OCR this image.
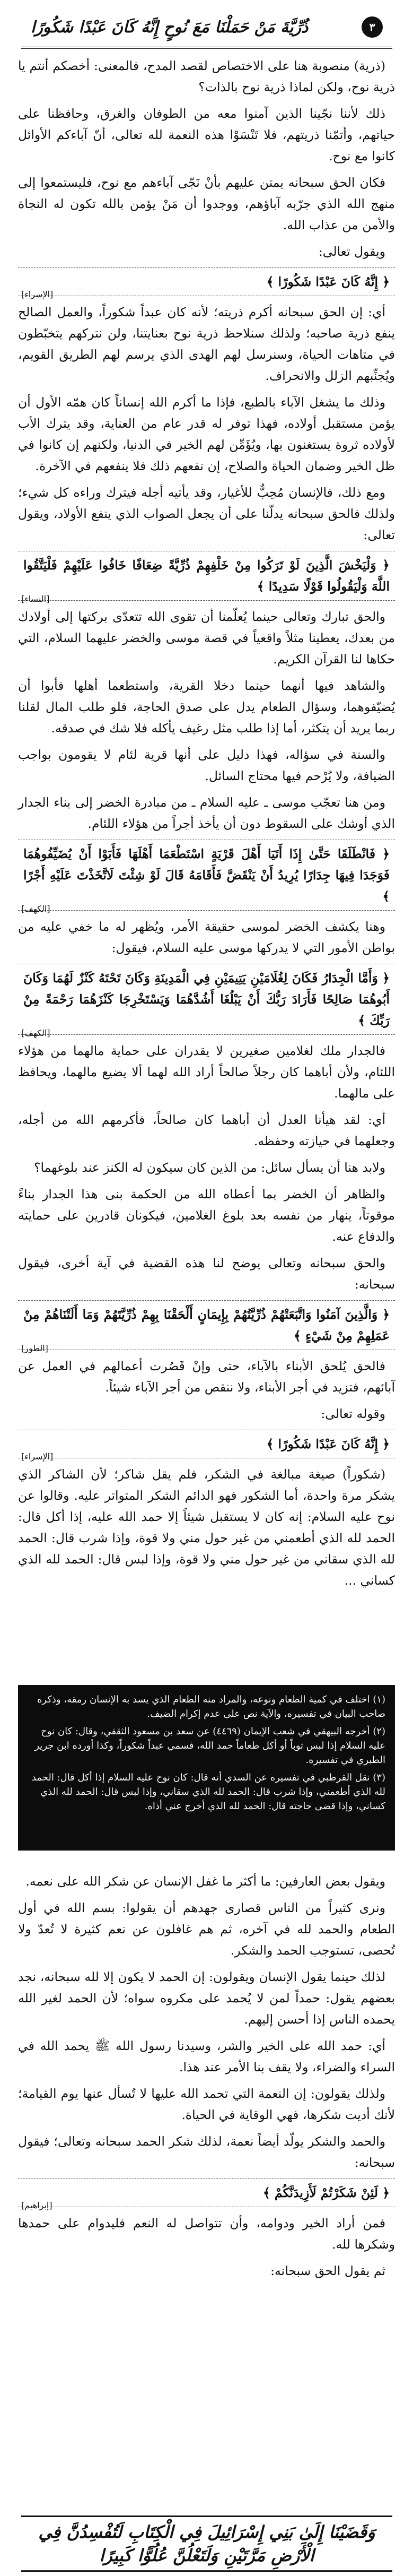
٣
ذُرِّيَّةَ مَنْ حَمَلْنَا مَعَ نُوحٍ إِنَّهُ كَانَ عَبْدًا شَكُورًا

(ذرية) منصوبة هنا على الاختصاص لقصد المدح، فالمعنى: أخصكم أنتم يا ذرية نوح، ولكن لماذا ذرية نوح بالذات؟

ذلك لأننا نجّينا الذين آمنوا معه من الطوفان والغرق، وحافظنا على حياتهم، وأتمّنا ذريتهم، فلا تَنْسَوْا هذه النعمة لله تعالى، أنّ آباءكم الأوائل كانوا مع نوح.

فكان الحق سبحانه يمتن عليهم بأنْ نَجّى آباءهم مع نوح، فليستمعوا إلى منهج الله الذي جرّبه آباؤهم، ووجدوا أن مَنْ يؤمن بالله تكون له النجاة والأمن من عذاب الله.

ويقول تعالى:

﴿ إِنَّهُ كَانَ عَبْدًا شَكُورًا ﴾
[الإسراء]

أي: إن الحق سبحانه أكرم ذريته؛ لأنه كان عبداً شكوراً، والعمل الصالح ينفع ذرية صاحبه؛ ولذلك سنلاحظ ذرية نوح بعنايتنا، ولن نتركهم يتخبّطون في متاهات الحياة، وسنرسل لهم الهدى الذي يرسم لهم الطريق القويم، ويُجنِّبهم الزلل والانحراف.

وذلك ما يشغل الآباء بالطبع، فإذا ما أكرم الله إنساناً كان همّه الأول أن يؤمن مستقبل أولاده، فهذا توفر له قدر عام من العناية، وقد يترك الأب لأولاده ثروة يستغنون بها، ويُؤَمِّن لهم الخير في الدنيا، ولكنهم إن كانوا في ظل الخير وضمان الحياة والصلاح، إن نفعهم ذلك فلا ينفعهم في الآخرة.

ومع ذلك، فالإنسان مُحِبٌّ للأغيار، وقد يأتيه أجله فيترك وراءه كل شيء؛ ولذلك فالحق سبحانه يدلّنا على أن يجعل الصواب الذي ينفع الأولاد، ويقول تعالى:

﴿ وَلْيَخْشَ الَّذِينَ لَوْ تَرَكُوا مِنْ خَلْفِهِمْ ذُرِّيَّةً ضِعَافًا خَافُوا عَلَيْهِمْ فَلْيَتَّقُوا اللَّهَ وَلْيَقُولُوا قَوْلًا سَدِيدًا ﴾
[النساء]

والحق تبارك وتعالى حينما يُعلّمنا أن تقوى الله تتعدّى بركتها إلى أولادك من بعدك، يعطينا مثلاً واقعياً في قصة موسى والخضر عليهما السلام، التي حكاها لنا القرآن الكريم.

والشاهد فيها أنهما حينما دخلا القرية، واستطعما أهلها فأبوا أن يُضيّفوهما، وسؤال الطعام يدل على صدق الحاجة، فلو طلب المال لقلنا ربما يريد أن يتكثر، أما إذا طلب مثل رغيف يأكله فلا شك في صدقه.

والسنة في سؤاله، فهذا دليل على أنها قرية لئام لا يقومون بواجب الضيافة، ولا يُرْحم فيها محتاج السائل.

ومن هنا تعجّب موسى ـ عليه السلام ـ من مبادرة الخضر إلى بناء الجدار الذي أوشك على السقوط دون أن يأخذ أجراً من هؤلاء اللئام.

﴿ فَانْطَلَقَا حَتَّىٰ إِذَا أَتَيَا أَهْلَ قَرْيَةٍ اسْتَطْعَمَا أَهْلَهَا فَأَبَوْا أَنْ يُضَيِّفُوهُمَا فَوَجَدَا فِيهَا جِدَارًا يُرِيدُ أَنْ يَنْقَضَّ فَأَقَامَهُ قَالَ لَوْ شِئْتَ لَاتَّخَذْتَ عَلَيْهِ أَجْرًا ﴾
[الكهف]

وهنا يكشف الخضر لموسى حقيقة الأمر، ويُظهر له ما خفي عليه من بواطن الأمور التي لا يدركها موسى عليه السلام، فيقول:

﴿ وَأَمَّا الْجِدَارُ فَكَانَ لِغُلَامَيْنِ يَتِيمَيْنِ فِي الْمَدِينَةِ وَكَانَ تَحْتَهُ كَنْزٌ لَهُمَا وَكَانَ أَبُوهُمَا صَالِحًا فَأَرَادَ رَبُّكَ أَنْ يَبْلُغَا أَشُدَّهُمَا وَيَسْتَخْرِجَا كَنْزَهُمَا رَحْمَةً مِنْ رَبِّكَ ﴾
[الكهف]

فالجدار ملك لغلامين صغيرين لا يقدران على حماية مالهما من هؤلاء اللئام، ولأن أباهما كان رجلاً صالحاً أراد الله لهما ألا يضيع مالهما، ويحافظ على مالهما.

أي: لقد هيأنا العدل أن أباهما كان صالحاً، فأكرمهم الله من أجله، وجعلهما في حيازته وحفظه.

ولابد هنا أن يسأل سائل: من الذين كان سيكون له الكنز عند بلوغهما؟

والظاهر أن الخضر بما أعطاه الله من الحكمة بنى هذا الجدار بناءً موقوتاً، ينهار من نفسه بعد بلوغ الغلامين، فيكونان قادرين على حمايته والدفاع عنه.

والحق سبحانه وتعالى يوضح لنا هذه القضية في آية أخرى، فيقول سبحانه:

﴿ وَالَّذِينَ آمَنُوا وَاتَّبَعَتْهُمْ ذُرِّيَّتُهُمْ بِإِيمَانٍ أَلْحَقْنَا بِهِمْ ذُرِّيَّتَهُمْ وَمَا أَلَتْنَاهُمْ مِنْ عَمَلِهِمْ مِنْ شَيْءٍ ﴾
[الطور]

فالحق يُلحق الأبناء بالآباء، حتى وإنْ قَصُرت أعمالهم في العمل عن آبائهم، فتزيد في أجر الأبناء، ولا ننقص من أجر الآباء شيئاً.

وقوله تعالى:

﴿ إِنَّهُ كَانَ عَبْدًا شَكُورًا ﴾
[الإسراء]

(شكوراً) صيغة مبالغة في الشكر، فلم يقل شاكر؛ لأن الشاكر الذي يشكر مرة واحدة، أما الشكور فهو الدائم الشكر المتواتر عليه. وقالوا عن نوح عليه السلام: إنه كان لا يستقبل شيئاً إلا حمد الله عليه، إذا أكل قال: الحمد لله الذي أطعمني من غير حول مني ولا قوة، وإذا شرب قال: الحمد لله الذي سقاني من غير حول مني ولا قوة، وإذا لبس قال: الحمد لله الذي كساني ...

(١) اختلف في كمية الطعام ونوعه، والمراد منه الطعام الذي يسد به الإنسان رمقه، وذكره صاحب البيان في تفسيره، والآية نص على عدم إكرام الضيف.

(٢) أخرجه البيهقي في شعب الإيمان (٤٤٦٩) عن سعد بن مسعود الثقفي، وقال: كان نوح عليه السلام إذا لبس ثوباً أو أكل طعاماً حمد الله، فسمي عبداً شكوراً، وكذا أورده ابن جرير الطبري في تفسيره.

(٣) نقل القرطبي في تفسيره عن السدي أنه قال: كان نوح عليه السلام إذا أكل قال: الحمد لله الذي أطعمني، وإذا شرب قال: الحمد لله الذي سقاني، وإذا لبس قال: الحمد لله الذي كساني، وإذا قضى حاجته قال: الحمد لله الذي أخرج عني أذاه.

ويقول بعض العارفين: ما أكثر ما غفل الإنسان عن شكر الله على نعمه.

ونرى كثيراً من الناس قصارى جهدهم أن يقولوا: بسم الله في أول الطعام والحمد لله في آخره، ثم هم غافلون عن نعم كثيرة لا تُعدّ ولا تُحصى، تستوجب الحمد والشكر.

لذلك حينما يقول الإنسان ويقولون: إن الحمد لا يكون إلا لله سبحانه، نجد بعضهم يقول: حمداً لمن لا يُحمد على مكروه سواه؛ لأن الحمد لغير الله يحمده الناس إذا أحسن إليهم.

أي: حمد الله على الخير والشر، وسيدنا رسول الله ﷺ يحمد الله في السراء والضراء، ولا يقف بنا الأمر عند هذا.

ولذلك يقولون: إن النعمة التي تحمد الله عليها لا تُسأل عنها يوم القيامة؛ لأنك أديت شكرها، فهي الوقاية في الحياة.

والحمد والشكر يولّد أيضاً نعمة، لذلك شكر الحمد سبحانه وتعالى؛ فيقول سبحانه:

﴿ لَئِنْ شَكَرْتُمْ لَأَزِيدَنَّكُمْ ﴾
[إبراهيم]

فمن أراد الخير ودوامه، وأن تتواصل له النعم فليدوام على حمدها وشكرها لله.

ثم يقول الحق سبحانه:

وَقَضَيْنَا إِلَىٰ بَنِي إِسْرَائِيلَ فِي الْكِتَابِ لَتُفْسِدُنَّ فِي الْأَرْضِ مَرَّتَيْنِ وَلَتَعْلُنَّ عُلُوًّا كَبِيرًا
